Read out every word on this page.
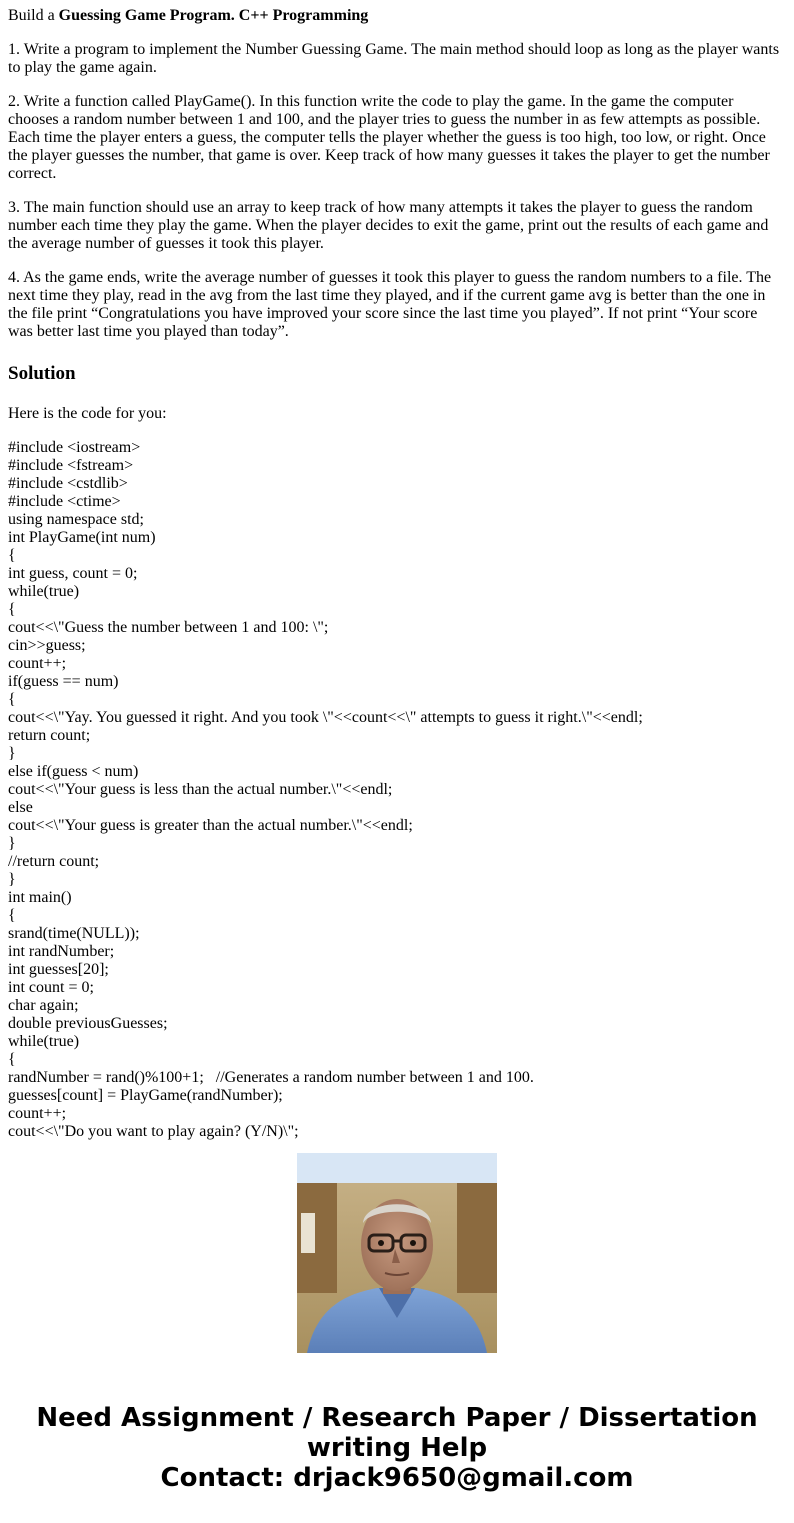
Build a Guessing Game Program. C++ Programming

1. Write a program to implement the Number Guessing Game. The main method should loop as long as the player wants to play the game again.

2. Write a function called PlayGame(). In this function write the code to play the game. In the game the computer chooses a random number between 1 and 100, and the player tries to guess the number in as few attempts as possible. Each time the player enters a guess, the computer tells the player whether the guess is too high, too low, or right. Once the player guesses the number, that game is over. Keep track of how many guesses it takes the player to get the number correct.

3. The main function should use an array to keep track of how many attempts it takes the player to guess the random number each time they play the game. When the player decides to exit the game, print out the results of each game and the average number of guesses it took this player.

4. As the game ends, write the average number of guesses it took this player to guess the random numbers to a file. The next time they play, read in the avg from the last time they played, and if the current game avg is better than the one in the file print “Congratulations you have improved your score since the last time you played”. If not print “Your score was better last time you played than today”.

Solution

Here is the code for you:

#include <iostream>
#include <fstream>
#include <cstdlib>
#include <ctime>
using namespace std;
int PlayGame(int num)
{
int guess, count = 0;
while(true)
{
cout<<\"Guess the number between 1 and 100: \";
cin>>guess;
count++;
if(guess == num)
{
cout<<\"Yay. You guessed it right. And you took \"<<count<<\" attempts to guess it right.\"<<endl;
return count;
}
else if(guess < num)
cout<<\"Your guess is less than the actual number.\"<<endl;
else
cout<<\"Your guess is greater than the actual number.\"<<endl;
}
//return count;
}
int main()
{
srand(time(NULL));
int randNumber;
int guesses[20];
int count = 0;
char again;
double previousGuesses;
while(true)
{
randNumber = rand()%100+1;   //Generates a random number between 1 and 100.
guesses[count] = PlayGame(randNumber);
count++;
cout<<\"Do you want to play again? (Y/N)\";
Need Assignment / Research Paper / Dissertation
writing Help
Contact: drjack9650@gmail.com
